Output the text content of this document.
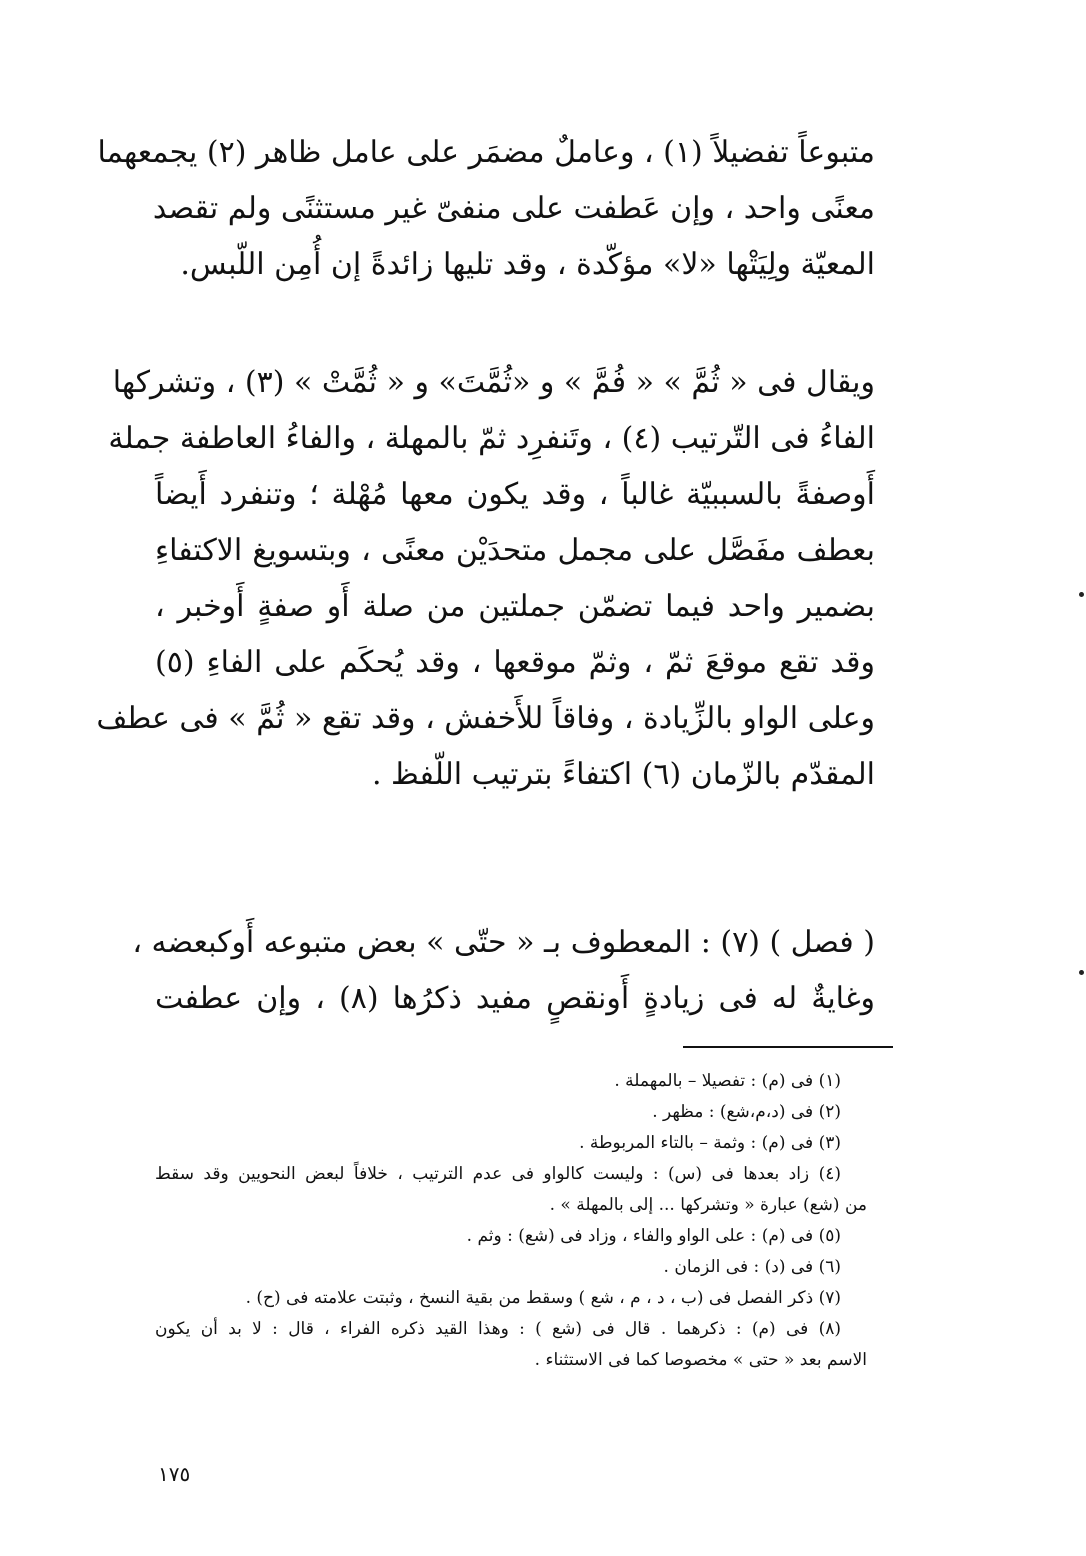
متبوعاً تفضيلاً (١) ، وعاملٌ مضمَر على عامل ظاهر (٢) يجمعهما
معنًى واحد ، وإن عَطفت على منفىّ غير مستثنًى ولم تقصد
المعيّة ولِيَتْها «لا» مؤكّدة ، وقد تليها زائدةً إن أُمِن اللّبس.
ويقال فى « ثُمَّ » « فُمَّ » و «ثُمَّتَ» و « ثُمَّتْ » (٣) ، وتشركها
الفاءُ فى التّرتيب (٤) ، وتَنفرِد ثمّ بالمهلة ، والفاءُ العاطفة جملة
أَوصفةً بالسببيّة غالباً ، وقد يكون معها مُهْلة ؛ وتنفرد أَيضاً
بعطف مفَصَّل على مجمل متحدَيْن معنًى ، وبتسويغ الاكتفاءِ
بضمير واحد فيما تضمّن جملتين من صلة أَو صفةٍ أَوخبر ،
وقد تقع موقعَ ثمّ ، وثمّ موقعها ، وقد يُحكَم على الفاءِ (٥)
وعلى الواو بالزِّيادة ، وفاقاً للأَخفش ، وقد تقع « ثُمَّ » فى عطف
المقدّم بالزّمان (٦) اكتفاءً بترتيب اللّفظ .
( فصل ) (٧) : المعطوف بـ « حتّى » بعض متبوعه أَوكبعضه ،
وغايةٌ له فى زيادةٍ أَونقصٍ مفيد ذكرُها (٨) ، وإن عطفت
(١) فى (م) : تفصيلا – بالمهملة .
(٢) فى (د،م،شع) : مظهر .
(٣) فى (م) : وثمة – بالتاء المربوطة .
(٤) زاد بعدها فى (س) : وليست كالواو فى عدم الترتيب ، خلافاً لبعض النحويين وقد سقط
من (شع) عبارة « وتشركها ... إلى بالمهلة » .
(٥) فى (م) : على الواو والفاء ، وزاد فى (شع) : وثم .
(٦) فى (د) : فى الزمان .
(٧) ذكر الفصل فى (ب ، د ، م ، شع ) وسقط من بقية النسخ ، وثبتت علامته فى (ح) .
(٨) فى (م) : ذكرهما . قال فى (شع ) : وهذا القيد ذكره الفراء ، قال : لا بد أن يكون
الاسم بعد « حتى » مخصوصا كما فى الاستثناء .
١٧٥
